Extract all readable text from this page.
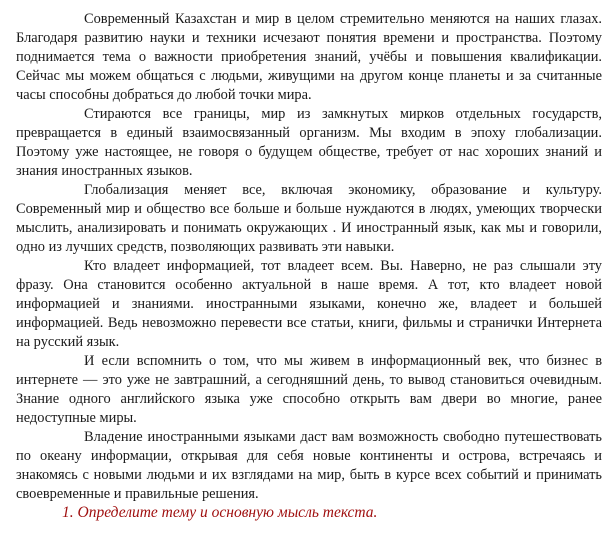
Современный Казахстан и мир в целом стремительно меняются на наших глазах. Благодаря развитию науки и техники исчезают понятия времени и пространства. Поэтому поднимается тема о важности приобретения знаний, учёбы и повышения квалификации. Сейчас мы можем общаться с людьми, живущими на другом конце планеты и за считанные часы способны добраться до любой точки мира.

Стираются все границы, мир из замкнутых мирков отдельных государств, превращается в единый взаимосвязанный организм. Мы входим в эпоху глобализации. Поэтому уже настоящее, не говоря о будущем обществе, требует от нас хороших знаний и знания иностранных языков.

Глобализация меняет все, включая экономику, образование и культуру. Современный мир и общество все больше и больше нуждаются в людях, умеющих творчески мыслить, анализировать и понимать окружающих . И иностранный язык, как мы и говорили, одно из лучших средств, позволяющих развивать эти навыки.

Кто владеет информацией, тот владеет всем. Вы. Наверно, не раз слышали эту фразу. Она становится особенно актуальной в наше время. А тот, кто владеет новой информацией и знаниями. иностранными языками, конечно же, владеет и большей информацией. Ведь невозможно перевести все статьи, книги, фильмы и странички Интернета на русский язык.

И если вспомнить о том, что мы живем в информационный век, что бизнес в интернете — это уже не завтрашний, а сегодняшний день, то вывод становиться очевидным. Знание одного английского языка уже способно открыть вам двери во многие, ранее недоступные миры.

Владение иностранными языками даст вам возможность свободно путешествовать по океану информации, открывая для себя новые континенты и острова, встречаясь и знакомясь с новыми людьми и их взглядами на мир, быть в курсе всех событий и принимать своевременные и правильные решения.

1. Определите тему и основную мысль текста.
